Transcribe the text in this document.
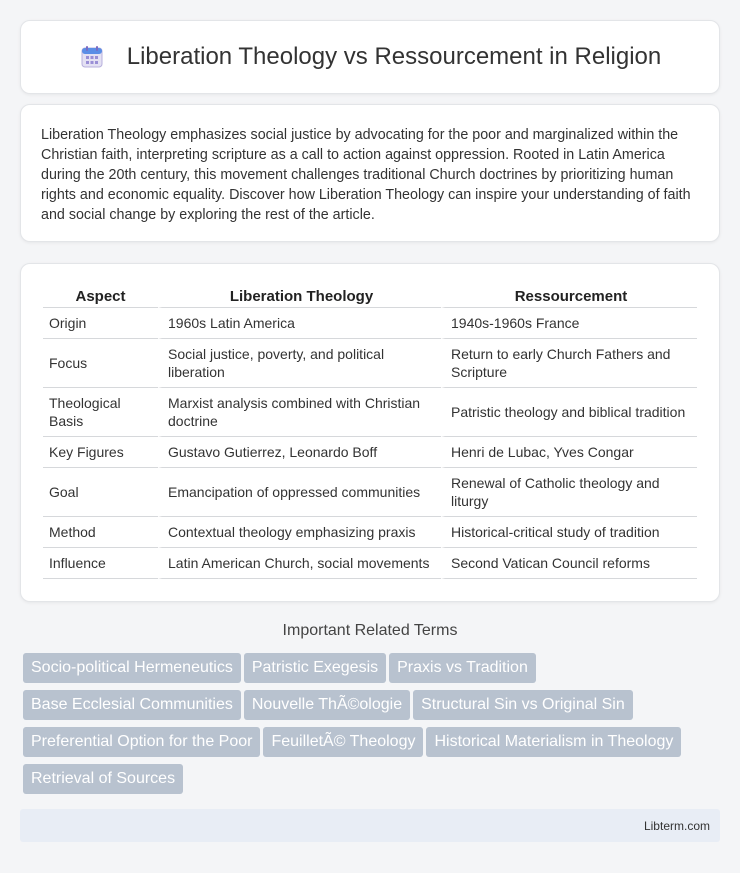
Liberation Theology vs Ressourcement in Religion

Liberation Theology emphasizes social justice by advocating for the poor and marginalized within the Christian faith, interpreting scripture as a call to action against oppression. Rooted in Latin America during the 20th century, this movement challenges traditional Church doctrines by prioritizing human rights and economic equality. Discover how Liberation Theology can inspire your understanding of faith and social change by exploring the rest of the article.

Aspect	Liberation Theology	Ressourcement
Origin	1960s Latin America	1940s-1960s France
Focus	Social justice, poverty, and political liberation	Return to early Church Fathers and Scripture
Theological Basis	Marxist analysis combined with Christian doctrine	Patristic theology and biblical tradition
Key Figures	Gustavo Gutierrez, Leonardo Boff	Henri de Lubac, Yves Congar
Goal	Emancipation of oppressed communities	Renewal of Catholic theology and liturgy
Method	Contextual theology emphasizing praxis	Historical-critical study of tradition
Influence	Latin American Church, social movements	Second Vatican Council reforms
Important Related Terms
Socio-political Hermeneutics Patristic Exegesis Praxis vs Tradition
Base Ecclesial Communities Nouvelle ThÃ©ologie Structural Sin vs Original Sin
Preferential Option for the Poor FeuilletÃ© Theology Historical Materialism in Theology
Retrieval of Sources
Libterm.com
